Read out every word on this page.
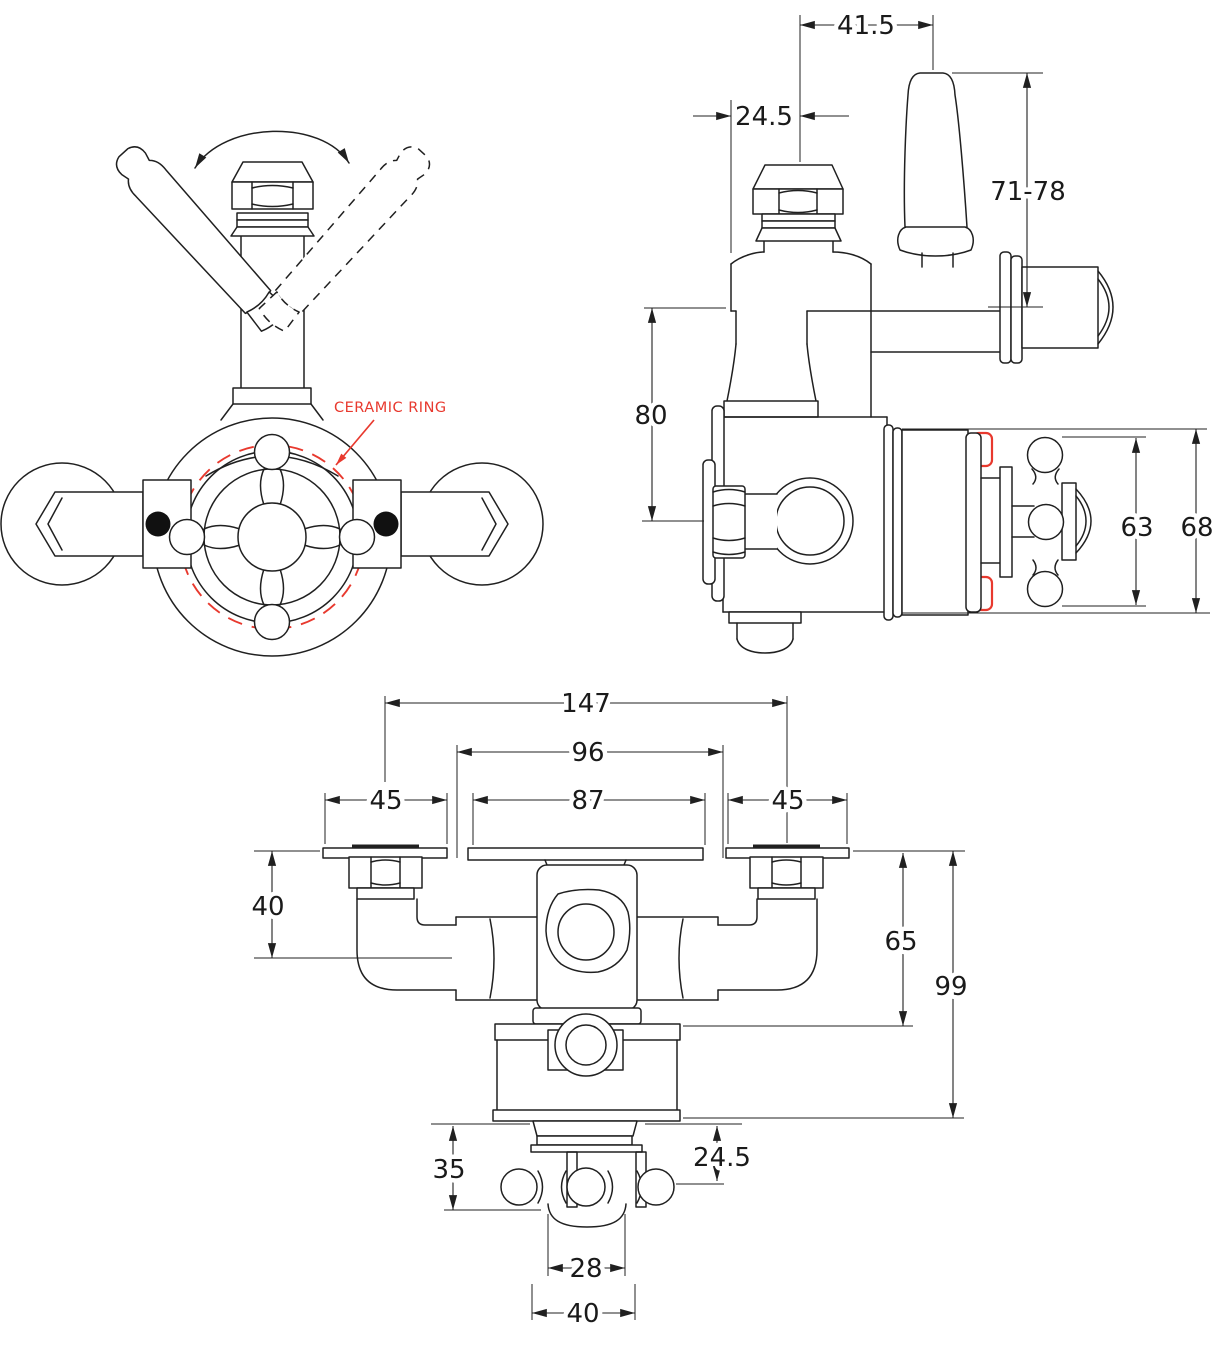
CERAMIC RING
41.5
24.5
71-78
80
63 68
147
96
87
45	45
40
65
99
35	24.5
28
40
